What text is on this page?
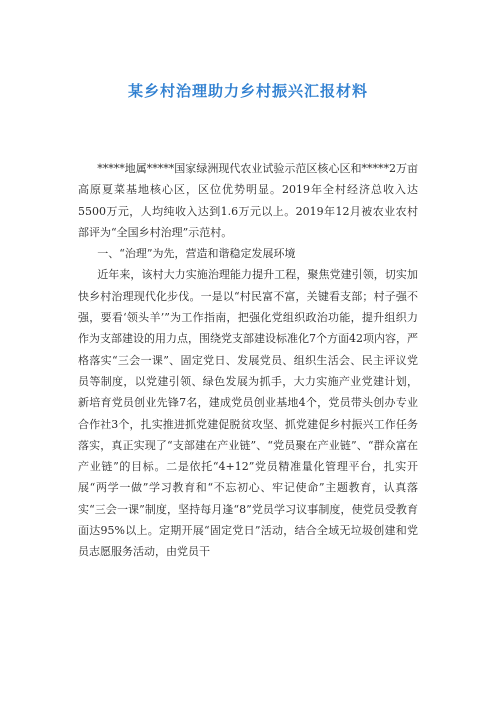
某乡村治理助力乡村振兴汇报材料

*****地属*****国家绿洲现代农业试验示范区核心区和*****2万亩高原夏菜基地核心区，区位优势明显。2019年全村经济总收入达5500万元，人均纯收入达到1.6万元以上。2019年12月被农业农村部评为“全国乡村治理”示范村。

一、“治理”为先，营造和谐稳定发展环境

近年来，该村大力实施治理能力提升工程，聚焦党建引领，切实加快乡村治理现代化步伐。一是以“村民富不富，关键看支部；村子强不强，要看‘领头羊’”为工作指南，把强化党组织政治功能，提升组织力作为支部建设的用力点，围绕党支部建设标准化7个方面42项内容，严格落实“三会一课”、固定党日、发展党员、组织生活会、民主评议党员等制度，以党建引领、绿色发展为抓手，大力实施产业党建计划，新培育党员创业先锋7名，建成党员创业基地4个，党员带头创办专业合作社3个，扎实推进抓党建促脱贫攻坚、抓党建促乡村振兴工作任务落实，真正实现了“支部建在产业链”、“党员聚在产业链”、“群众富在产业链”的目标。二是依托“4+12”党员精准量化管理平台，扎实开展“两学一做”学习教育和“不忘初心、牢记使命”主题教育，认真落实“三会一课”制度，坚持每月逢“8”党员学习议事制度，使党员受教育面达95%以上。定期开展“固定党日”活动，结合全域无垃圾创建和党员志愿服务活动，由党员干
